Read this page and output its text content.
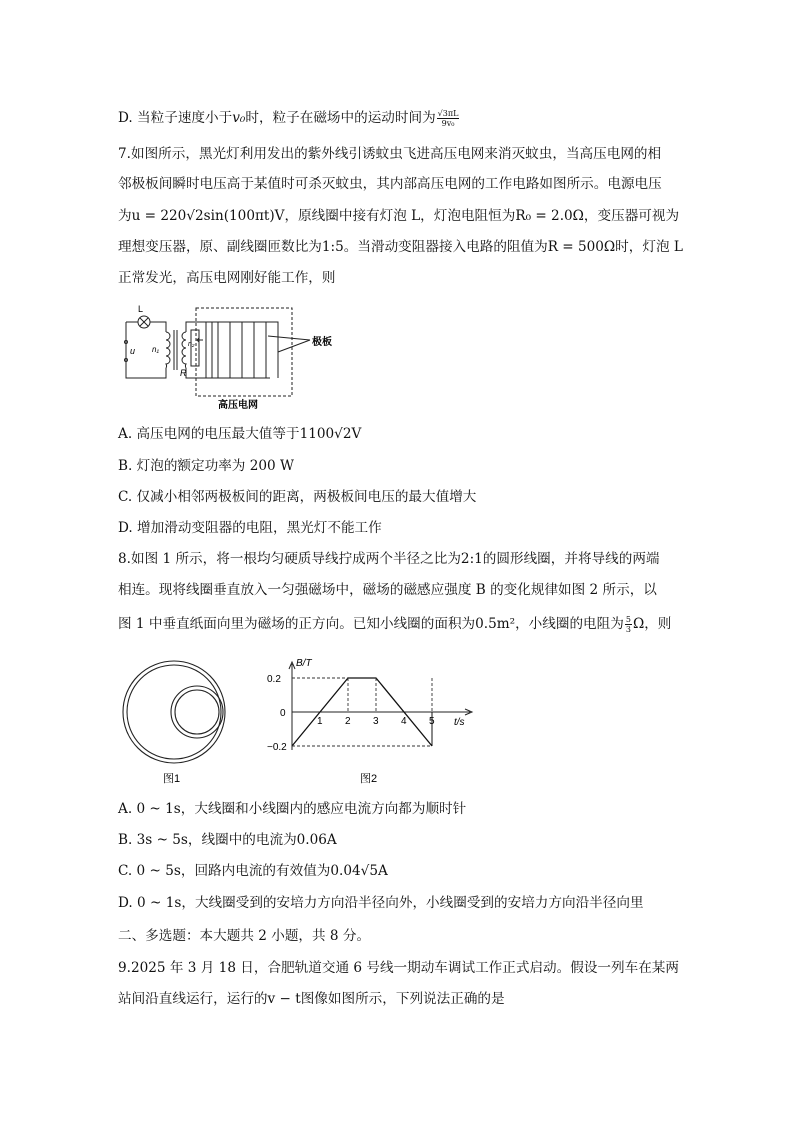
D. 当粒子速度小于v₀时，粒子在磁场中的运动时间为 $\frac{√3\pi L}{\text{9v₀}}$
7.如图所示，黑光灯利用发出的紫外线引诱蚊虫飞进高压电网来消灭蚊虫，当高压电网的相
邻极板间瞬时电压高于某值时可杀灭蚊虫，其内部高压电网的工作电路如图所示。电源电压
为u = 220√2sin(100πt)V，原线圈中接有灯泡 L，灯泡电阻恒为R₀ = 2.0Ω，变压器可视为
理想变压器，原、副线圈匝数比为1:5。当滑动变阻器接入电路的阻值为R = 500Ω时，灯泡 L
正常发光，高压电网刚好能工作，则
L
u n₁
n₂
R
极板
高压电网
A. 高压电网的电压最大值等于1100√2V
B. 灯泡的额定功率为 200 W
C. 仅减小相邻两极板间的距离，两极板间电压的最大值增大
D. 增加滑动变阻器的电阻，黑光灯不能工作
8.如图 1 所示，将一根均匀硬质导线拧成两个半径之比为2:1的圆形线圈，并将导线的两端
相连。现将线圈垂直放入一匀强磁场中，磁场的磁感应强度 B 的变化规律如图 2 所示，以
图 1 中垂直纸面向里为磁场的正方向。已知小线圈的面积为0.5m²，小线圈的电阻为 $\frac{5}{3}$ Ω，则
图1
1 2 3 4 5
0.2
0
−0.2
B/T
t/s
图2
A. 0 ~ 1s，大线圈和小线圈内的感应电流方向都为顺时针
B. 3s ~ 5s，线圈中的电流为0.06A
C. 0 ~ 5s，回路内电流的有效值为0.04√5A
D. 0 ~ 1s，大线圈受到的安培力方向沿半径向外，小线圈受到的安培力方向沿半径向里
二、多选题：本大题共 2 小题，共 8 分。
9.2025 年 3 月 18 日，合肥轨道交通 6 号线一期动车调试工作正式启动。假设一列车在某两
站间沿直线运行，运行的v − t图像如图所示，下列说法正确的是
